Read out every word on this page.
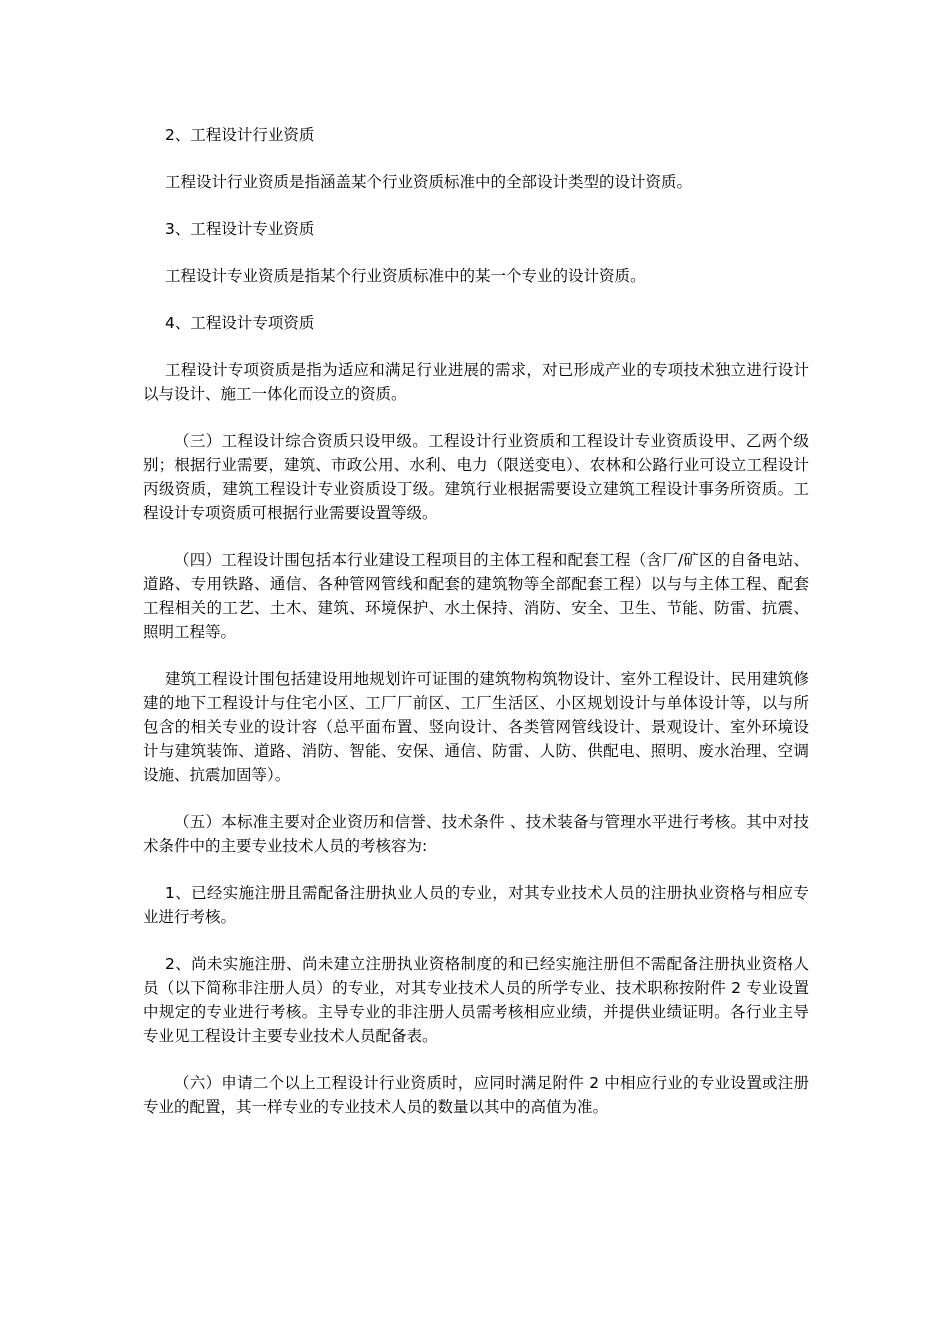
2、工程设计行业资质

工程设计行业资质是指涵盖某个行业资质标准中的全部设计类型的设计资质。

3、工程设计专业资质

工程设计专业资质是指某个行业资质标准中的某一个专业的设计资质。

4、工程设计专项资质

工程设计专项资质是指为适应和满足行业进展的需求，对已形成产业的专项技术独立进行设计以与设计、施工一体化而设立的资质。

（三）工程设计综合资质只设甲级。工程设计行业资质和工程设计专业资质设甲、乙两个级别；根据行业需要，建筑、市政公用、水利、电力（限送变电）、农林和公路行业可设立工程设计丙级资质，建筑工程设计专业资质设丁级。建筑行业根据需要设立建筑工程设计事务所资质。工程设计专项资质可根据行业需要设置等级。

（四）工程设计围包括本行业建设工程项目的主体工程和配套工程（含厂/矿区的自备电站、道路、专用铁路、通信、各种管网管线和配套的建筑物等全部配套工程）以与与主体工程、配套工程相关的工艺、土木、建筑、环境保护、水土保持、消防、安全、卫生、节能、防雷、抗震、照明工程等。

建筑工程设计围包括建设用地规划许可证围的建筑物构筑物设计、室外工程设计、民用建筑修建的地下工程设计与住宅小区、工厂厂前区、工厂生活区、小区规划设计与单体设计等，以与所包含的相关专业的设计容（总平面布置、竖向设计、各类管网管线设计、景观设计、室外环境设计与建筑装饰、道路、消防、智能、安保、通信、防雷、人防、供配电、照明、废水治理、空调设施、抗震加固等）。

（五）本标准主要对企业资历和信誉、技术条件 、技术装备与管理水平进行考核。其中对技术条件中的主要专业技术人员的考核容为:

1、已经实施注册且需配备注册执业人员的专业，对其专业技术人员的注册执业资格与相应专业进行考核。

2、尚未实施注册、尚未建立注册执业资格制度的和已经实施注册但不需配备注册执业资格人员（以下简称非注册人员）的专业，对其专业技术人员的所学专业、技术职称按附件 2 专业设置中规定的专业进行考核。主导专业的非注册人员需考核相应业绩，并提供业绩证明。各行业主导专业见工程设计主要专业技术人员配备表。

（六）申请二个以上工程设计行业资质时，应同时满足附件 2 中相应行业的专业设置或注册专业的配置，其一样专业的专业技术人员的数量以其中的高值为准。
